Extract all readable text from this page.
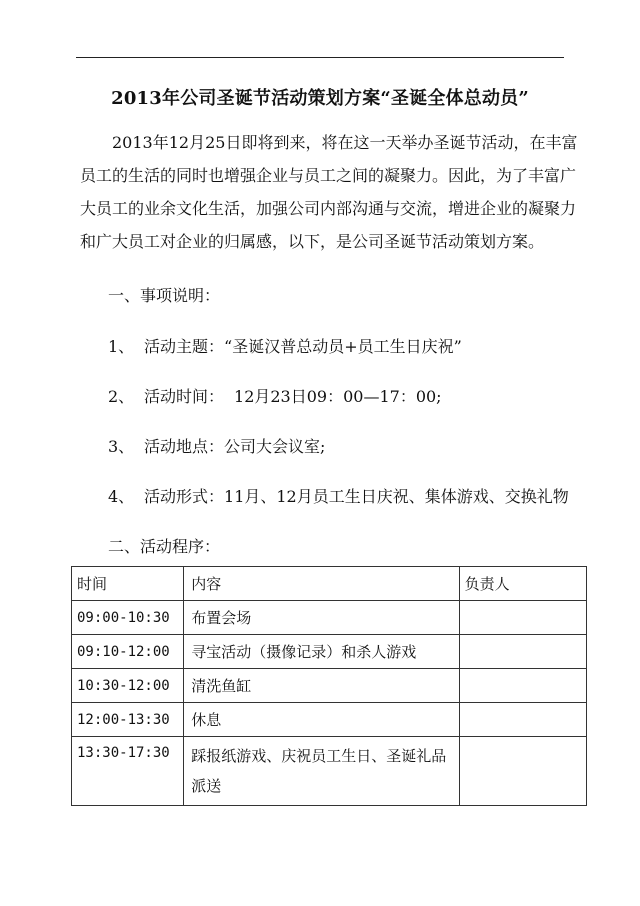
2013年公司圣诞节活动策划方案“圣诞全体总动员”

2013年12月25日即将到来，将在这一天举办圣诞节活动，在丰富员工的生活的同时也增强企业与员工之间的凝聚力。因此，为了丰富广大员工的业余文化生活，加强公司内部沟通与交流，增进企业的凝聚力和广大员工对企业的归属感，以下，是公司圣诞节活动策划方案。

一、事项说明：
1、 活动主题：“圣诞汉普总动员+员工生日庆祝”
2、 活动时间： 12月23日09：00—17：00;
3、 活动地点：公司大会议室;
4、 活动形式：11月、12月员工生日庆祝、集体游戏、交换礼物
二、活动程序：
时间	内容	负责人
09:00-10:30	布置会场	
09:10-12:00	寻宝活动（摄像记录）和杀人游戏	
10:30-12:00	清洗鱼缸	
12:00-13:30	休息	
13:30-17:30	踩报纸游戏、庆祝员工生日、圣诞礼品派送	
